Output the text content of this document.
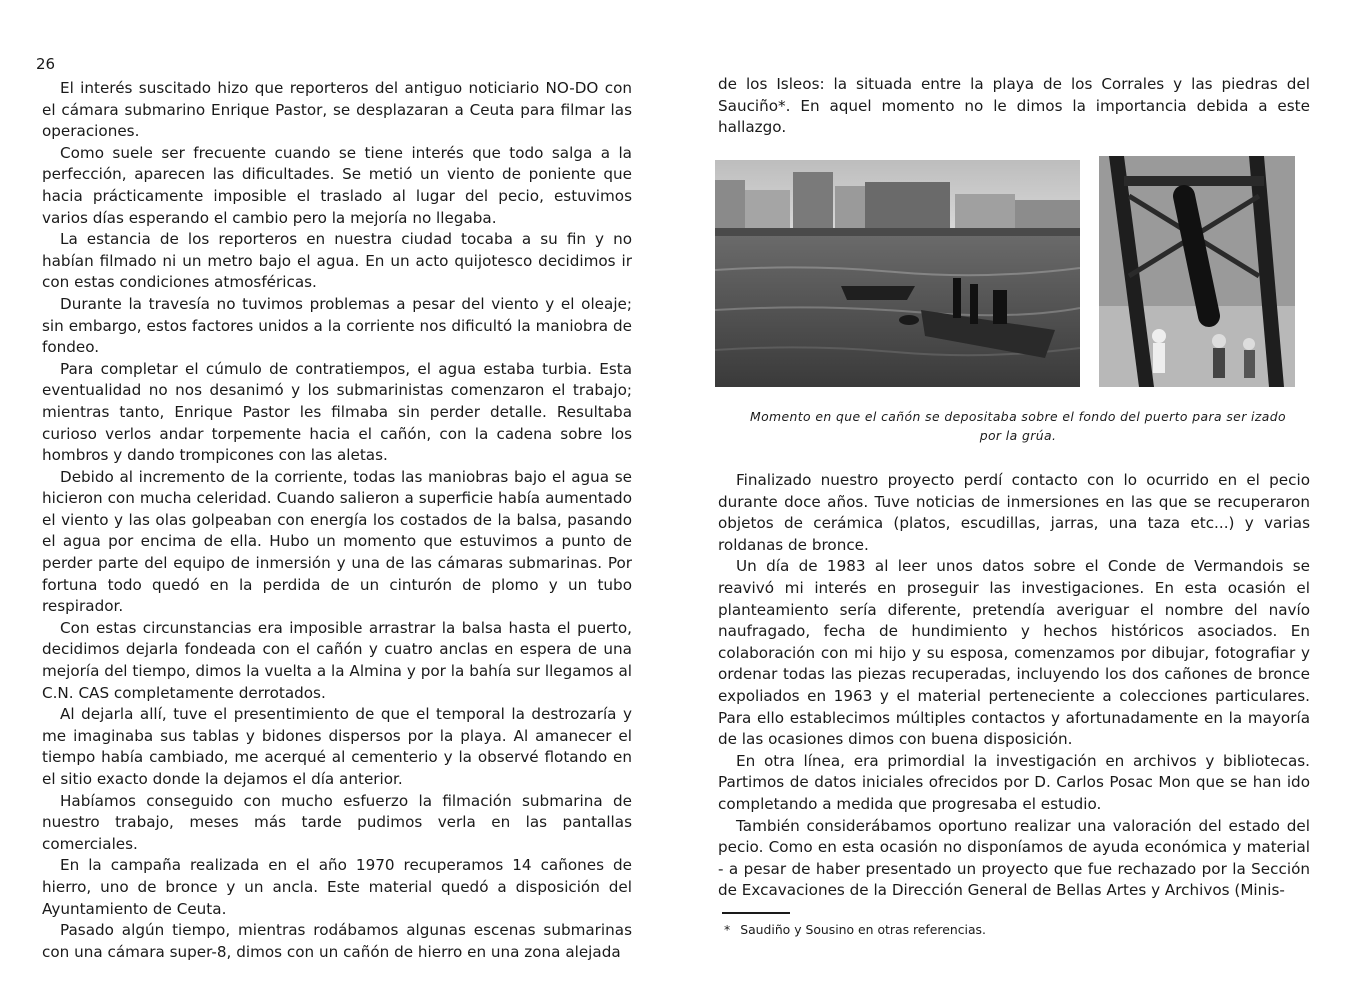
26

El interés suscitado hizo que reporteros del antiguo noticiario NO-DO con el cámara submarino Enrique Pastor, se desplazaran a Ceuta para filmar las operaciones.

Como suele ser frecuente cuando se tiene interés que todo salga a la perfección, aparecen las dificultades. Se metió un viento de poniente que hacia prácticamente imposible el traslado al lugar del pecio, estuvimos varios días esperando el cambio pero la mejoría no llegaba.

La estancia de los reporteros en nuestra ciudad tocaba a su fin y no habían filmado ni un metro bajo el agua. En un acto quijotesco decidimos ir con estas condiciones atmosféricas.

Durante la travesía no tuvimos problemas a pesar del viento y el oleaje; sin embargo, estos factores unidos a la corriente nos dificultó la maniobra de fondeo.

Para completar el cúmulo de contratiempos, el agua estaba turbia. Esta eventualidad no nos desanimó y los submarinistas comenzaron el trabajo; mientras tanto, Enrique Pastor les filmaba sin perder detalle. Resultaba curioso verlos andar torpemente hacia el cañón, con la cadena sobre los hombros y dando trompicones con las aletas.

Debido al incremento de la corriente, todas las maniobras bajo el agua se hicieron con mucha celeridad. Cuando salieron a superficie había aumentado el viento y las olas golpeaban con energía los costados de la balsa, pasando el agua por encima de ella. Hubo un momento que estuvimos a punto de perder parte del equipo de inmersión y una de las cámaras submarinas. Por fortuna todo quedó en la perdida de un cinturón de plomo y un tubo respirador.

Con estas circunstancias era imposible arrastrar la balsa hasta el puerto, decidimos dejarla fondeada con el cañón y cuatro anclas en espera de una mejoría del tiempo, dimos la vuelta a la Almina y por la bahía sur llegamos al C.N. CAS completamente derrotados.

Al dejarla allí, tuve el presentimiento de que el temporal la destrozaría y me imaginaba sus tablas y bidones dispersos por la playa. Al amanecer el tiempo había cambiado, me acerqué al cementerio y la observé flotando en el sitio exacto donde la dejamos el día anterior.

Habíamos conseguido con mucho esfuerzo la filmación submarina de nuestro trabajo, meses más tarde pudimos verla en las pantallas comerciales.

En la campaña realizada en el año 1970 recuperamos 14 cañones de hierro, uno de bronce y un ancla. Este material quedó a disposición del Ayuntamiento de Ceuta.

Pasado algún tiempo, mientras rodábamos algunas escenas submarinas con una cámara super-8, dimos con un cañón de hierro en una zona alejada

de los Isleos: la situada entre la playa de los Corrales y las piedras del Sauciño*. En aquel momento no le dimos la importancia debida a este hallazgo.

Momento en que el cañón se depositaba sobre el fondo del puerto para ser izado por la grúa.

Finalizado nuestro proyecto perdí contacto con lo ocurrido en el pecio durante doce años. Tuve noticias de inmersiones en las que se recuperaron objetos de cerámica (platos, escudillas, jarras, una taza etc...) y varias roldanas de bronce.

Un día de 1983 al leer unos datos sobre el Conde de Vermandois se reavivó mi interés en proseguir las investigaciones. En esta ocasión el planteamiento sería diferente, pretendía averiguar el nombre del navío naufragado, fecha de hundimiento y hechos históricos asociados. En colaboración con mi hijo y su esposa, comenzamos por dibujar, fotografiar y ordenar todas las piezas recuperadas, incluyendo los dos cañones de bronce expoliados en 1963 y el material perteneciente a colecciones particulares. Para ello establecimos múltiples contactos y afortunadamente en la mayoría de las ocasiones dimos con buena disposición.

En otra línea, era primordial la investigación en archivos y bibliotecas. Partimos de datos iniciales ofrecidos por D. Carlos Posac Mon que se han ido completando a medida que progresaba el estudio.

También considerábamos oportuno realizar una valoración del estado del pecio. Como en esta ocasión no disponíamos de ayuda económica y material - a pesar de haber presentado un proyecto que fue rechazado por la Sección de Excavaciones de la Dirección General de Bellas Artes y Archivos (Minis-

* Saudiño y Sousino en otras referencias.
